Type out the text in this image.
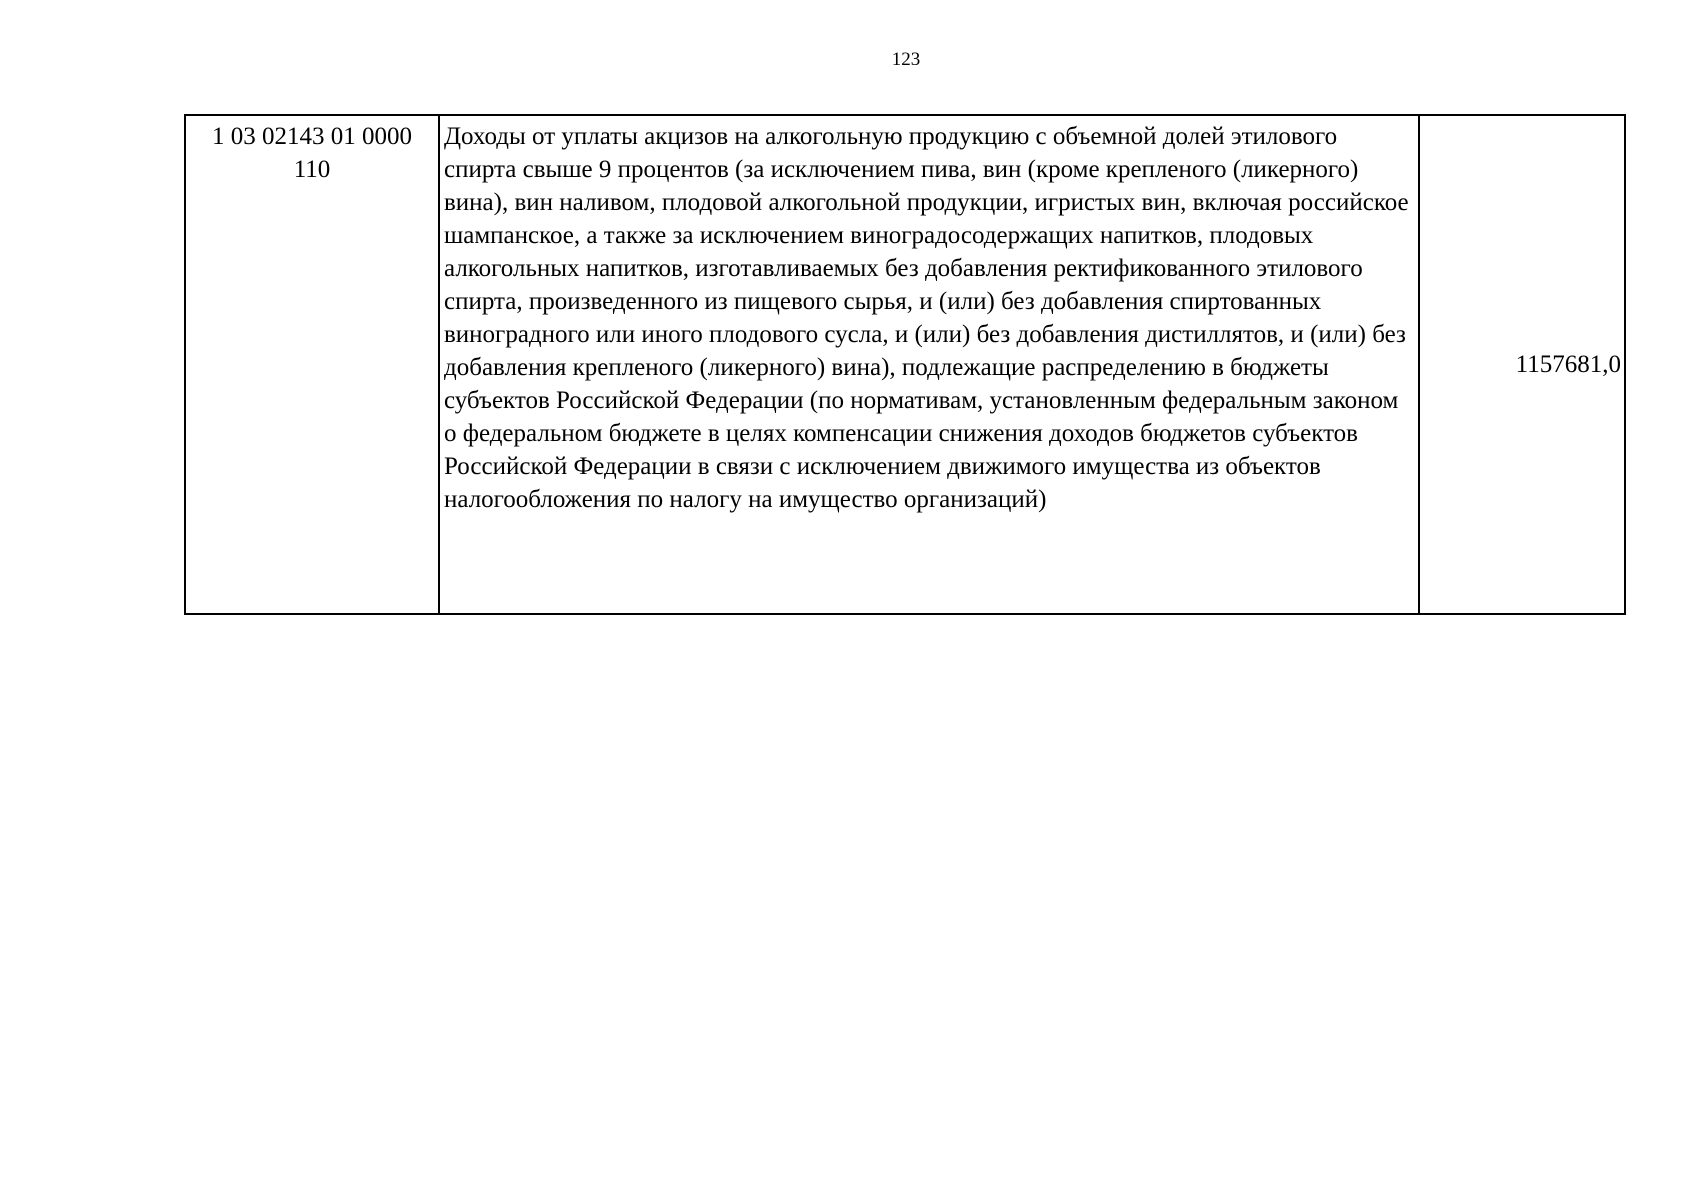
123
1 03 02143 01 0000 110	Доходы от уплаты акцизов на алкогольную продукцию с объемной долей этилового спирта свыше 9 процентов (за исключением пива, вин (кроме крепленого (ликерного) вина), вин наливом, плодовой алкогольной продукции, игристых вин, включая российское шампанское, а также за исключением виноградосодержащих напитков, плодовых алкогольных напитков, изготавливаемых без добавления ректификованного этилового спирта, произведенного из пищевого сырья, и (или) без добавления спиртованных виноградного или иного плодового сусла, и (или) без добавления дистиллятов, и (или) без добавления крепленого (ликерного) вина), подлежащие распределению в бюджеты субъектов Российской Федерации (по нормативам, установленным федеральным законом о федеральном бюджете в целях компенсации снижения доходов бюджетов субъектов Российской Федерации в связи с исключением движимого имущества из объектов налогообложения по налогу на имущество организаций)	1157681,0
